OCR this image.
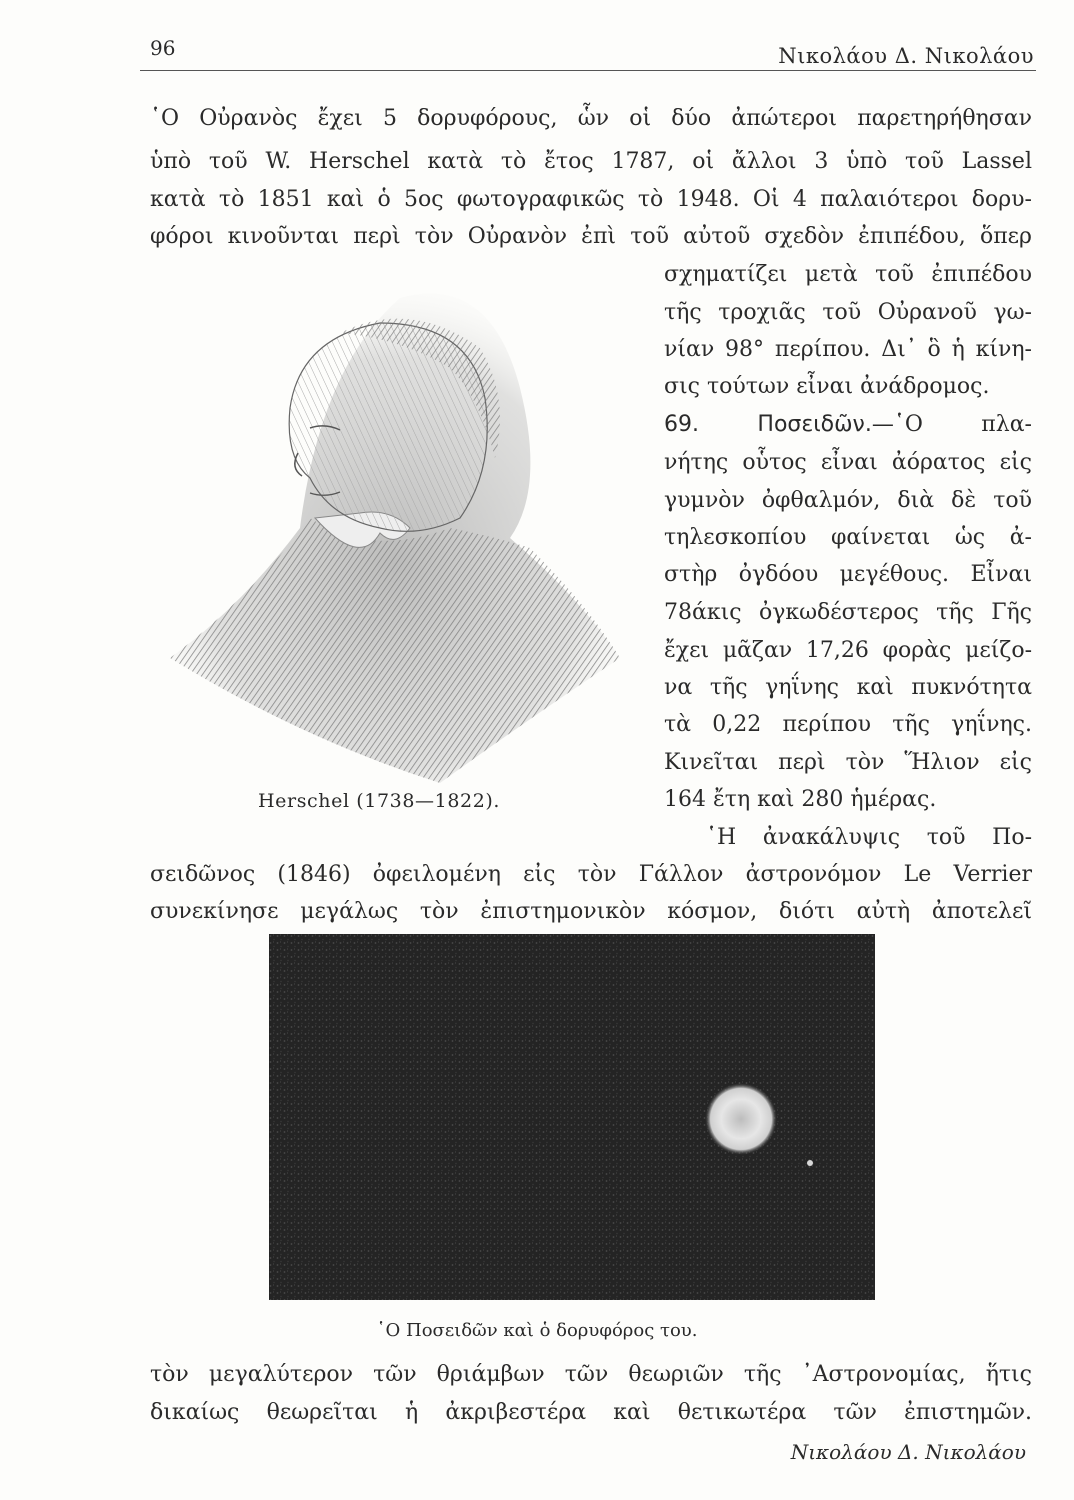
96	Νικολάου Δ. Νικολάου
῾Ο Οὐρανὸς ἔχει 5 δορυφόρους, ὧν οἱ δύο ἀπώτεροι παρετηρήθησαν
ὑπὸ τοῦ W. Herschel κατὰ τὸ ἔτος 1787, οἱ ἄλλοι 3 ὑπὸ τοῦ Lassel
κατὰ τὸ 1851 καὶ ὁ 5ος φωτογραφικῶς τὸ 1948. Οἱ 4 παλαιότεροι δορυ-
φόροι κινοῦνται περὶ τὸν Οὐρανὸν ἐπὶ τοῦ αὐτοῦ σχεδὸν ἐπιπέδου, ὅπερ
σχηματίζει μετὰ τοῦ ἐπιπέδου
τῆς τροχιᾶς τοῦ Οὐρανοῦ γω-
νίαν 98° περίπου. Δι᾽ ὃ ἡ κίνη-
σις τούτων εἶναι ἀνάδρομος.
69. Ποσειδῶν.—῾Ο πλα-
νήτης οὗτος εἶναι ἀόρατος εἰς
γυμνὸν ὀφθαλμόν, διὰ δὲ τοῦ
τηλεσκοπίου φαίνεται ὡς ἀ-
στὴρ ὀγδόου μεγέθους. Εἶναι
78άκις ὀγκωδέστερος τῆς Γῆς
ἔχει μᾶζαν 17,26 φορὰς μείζο-
να τῆς γηΐνης καὶ πυκνότητα
τὰ 0,22 περίπου τῆς γηΐνης.
Κινεῖται περὶ τὸν Ἥλιον εἰς
164 ἔτη καὶ 280 ἡμέρας.
῾Η ἀνακάλυψις τοῦ Πο-
σειδῶνος (1846) ὀφειλομένη εἰς τὸν Γάλλον ἀστρονόμον Le Verrier
συνεκίνησε μεγάλως τὸν ἐπιστημονικὸν κόσμον, διότι αὐτὴ ἀποτελεῖ
Herschel (1738—1822).
῾Ο Ποσειδῶν καὶ ὁ δορυφόρος του.
τὸν μεγαλύτερον τῶν θριάμβων τῶν θεωριῶν τῆς ᾽Αστρονομίας, ἥτις
δικαίως θεωρεῖται ἡ ἀκριβεστέρα καὶ θετικωτέρα τῶν ἐπιστημῶν.
Νικολάου Δ. Νικολάου
